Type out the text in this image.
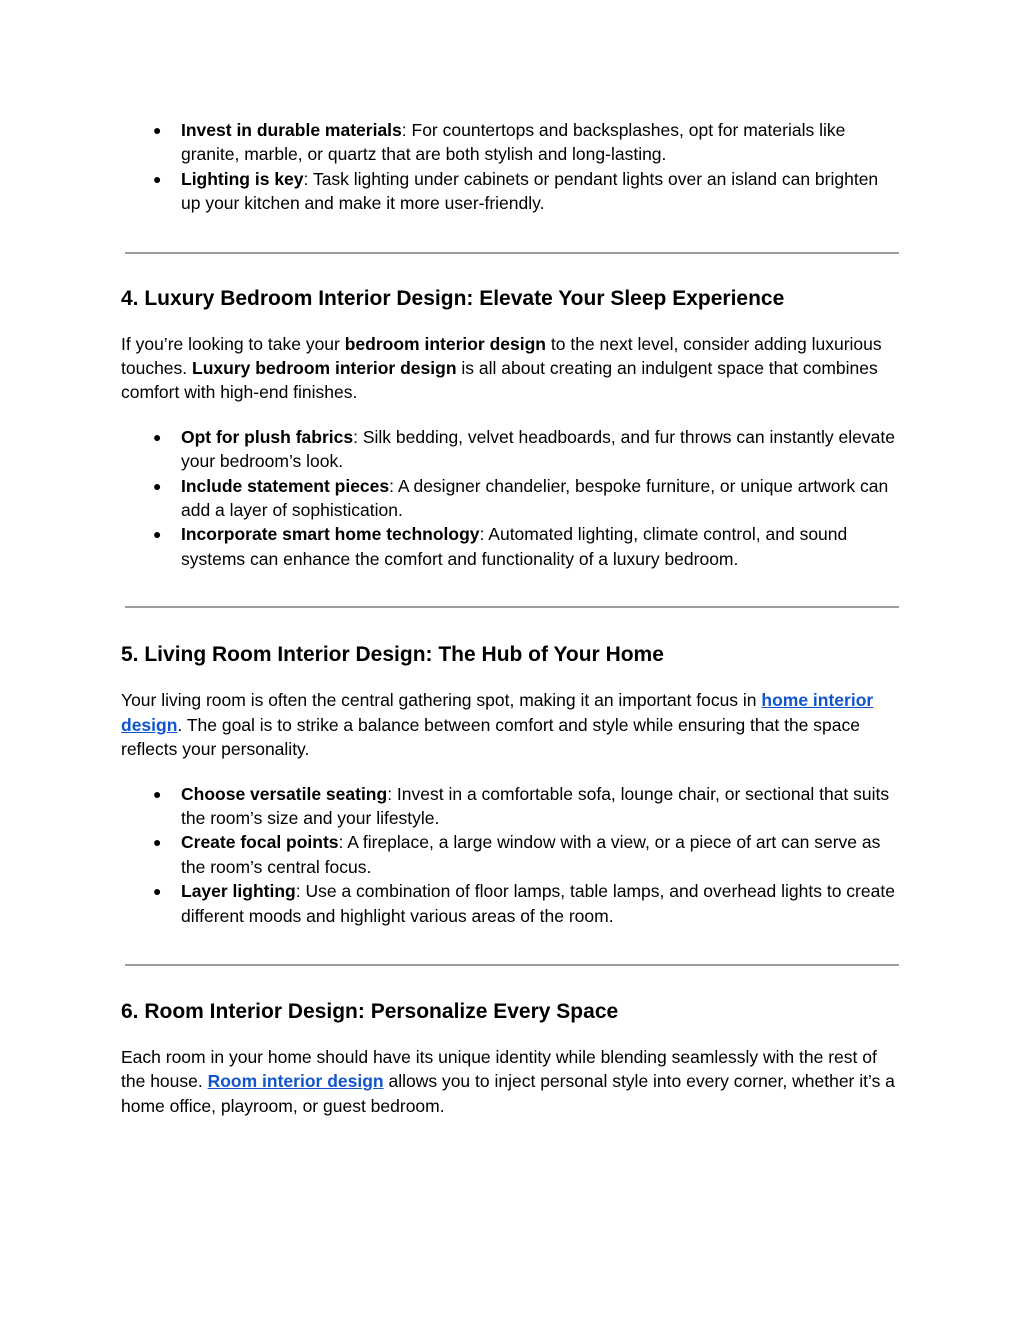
● Invest in durable materials: For countertops and backsplashes, opt for materials like granite, marble, or quartz that are both stylish and long-lasting.
● Lighting is key: Task lighting under cabinets or pendant lights over an island can brighten up your kitchen and make it more user-friendly.
4. Luxury Bedroom Interior Design: Elevate Your Sleep Experience

If you’re looking to take your bedroom interior design to the next level, consider adding luxurious touches. Luxury bedroom interior design is all about creating an indulgent space that combines comfort with high-end finishes.

● Opt for plush fabrics: Silk bedding, velvet headboards, and fur throws can instantly elevate your bedroom’s look.
● Include statement pieces: A designer chandelier, bespoke furniture, or unique artwork can add a layer of sophistication.
● Incorporate smart home technology: Automated lighting, climate control, and sound systems can enhance the comfort and functionality of a luxury bedroom.
5. Living Room Interior Design: The Hub of Your Home

Your living room is often the central gathering spot, making it an important focus in home interior design. The goal is to strike a balance between comfort and style while ensuring that the space reflects your personality.

● Choose versatile seating: Invest in a comfortable sofa, lounge chair, or sectional that suits the room’s size and your lifestyle.
● Create focal points: A fireplace, a large window with a view, or a piece of art can serve as the room’s central focus.
● Layer lighting: Use a combination of floor lamps, table lamps, and overhead lights to create different moods and highlight various areas of the room.
6. Room Interior Design: Personalize Every Space

Each room in your home should have its unique identity while blending seamlessly with the rest of the house. Room interior design allows you to inject personal style into every corner, whether it’s a home office, playroom, or guest bedroom.
